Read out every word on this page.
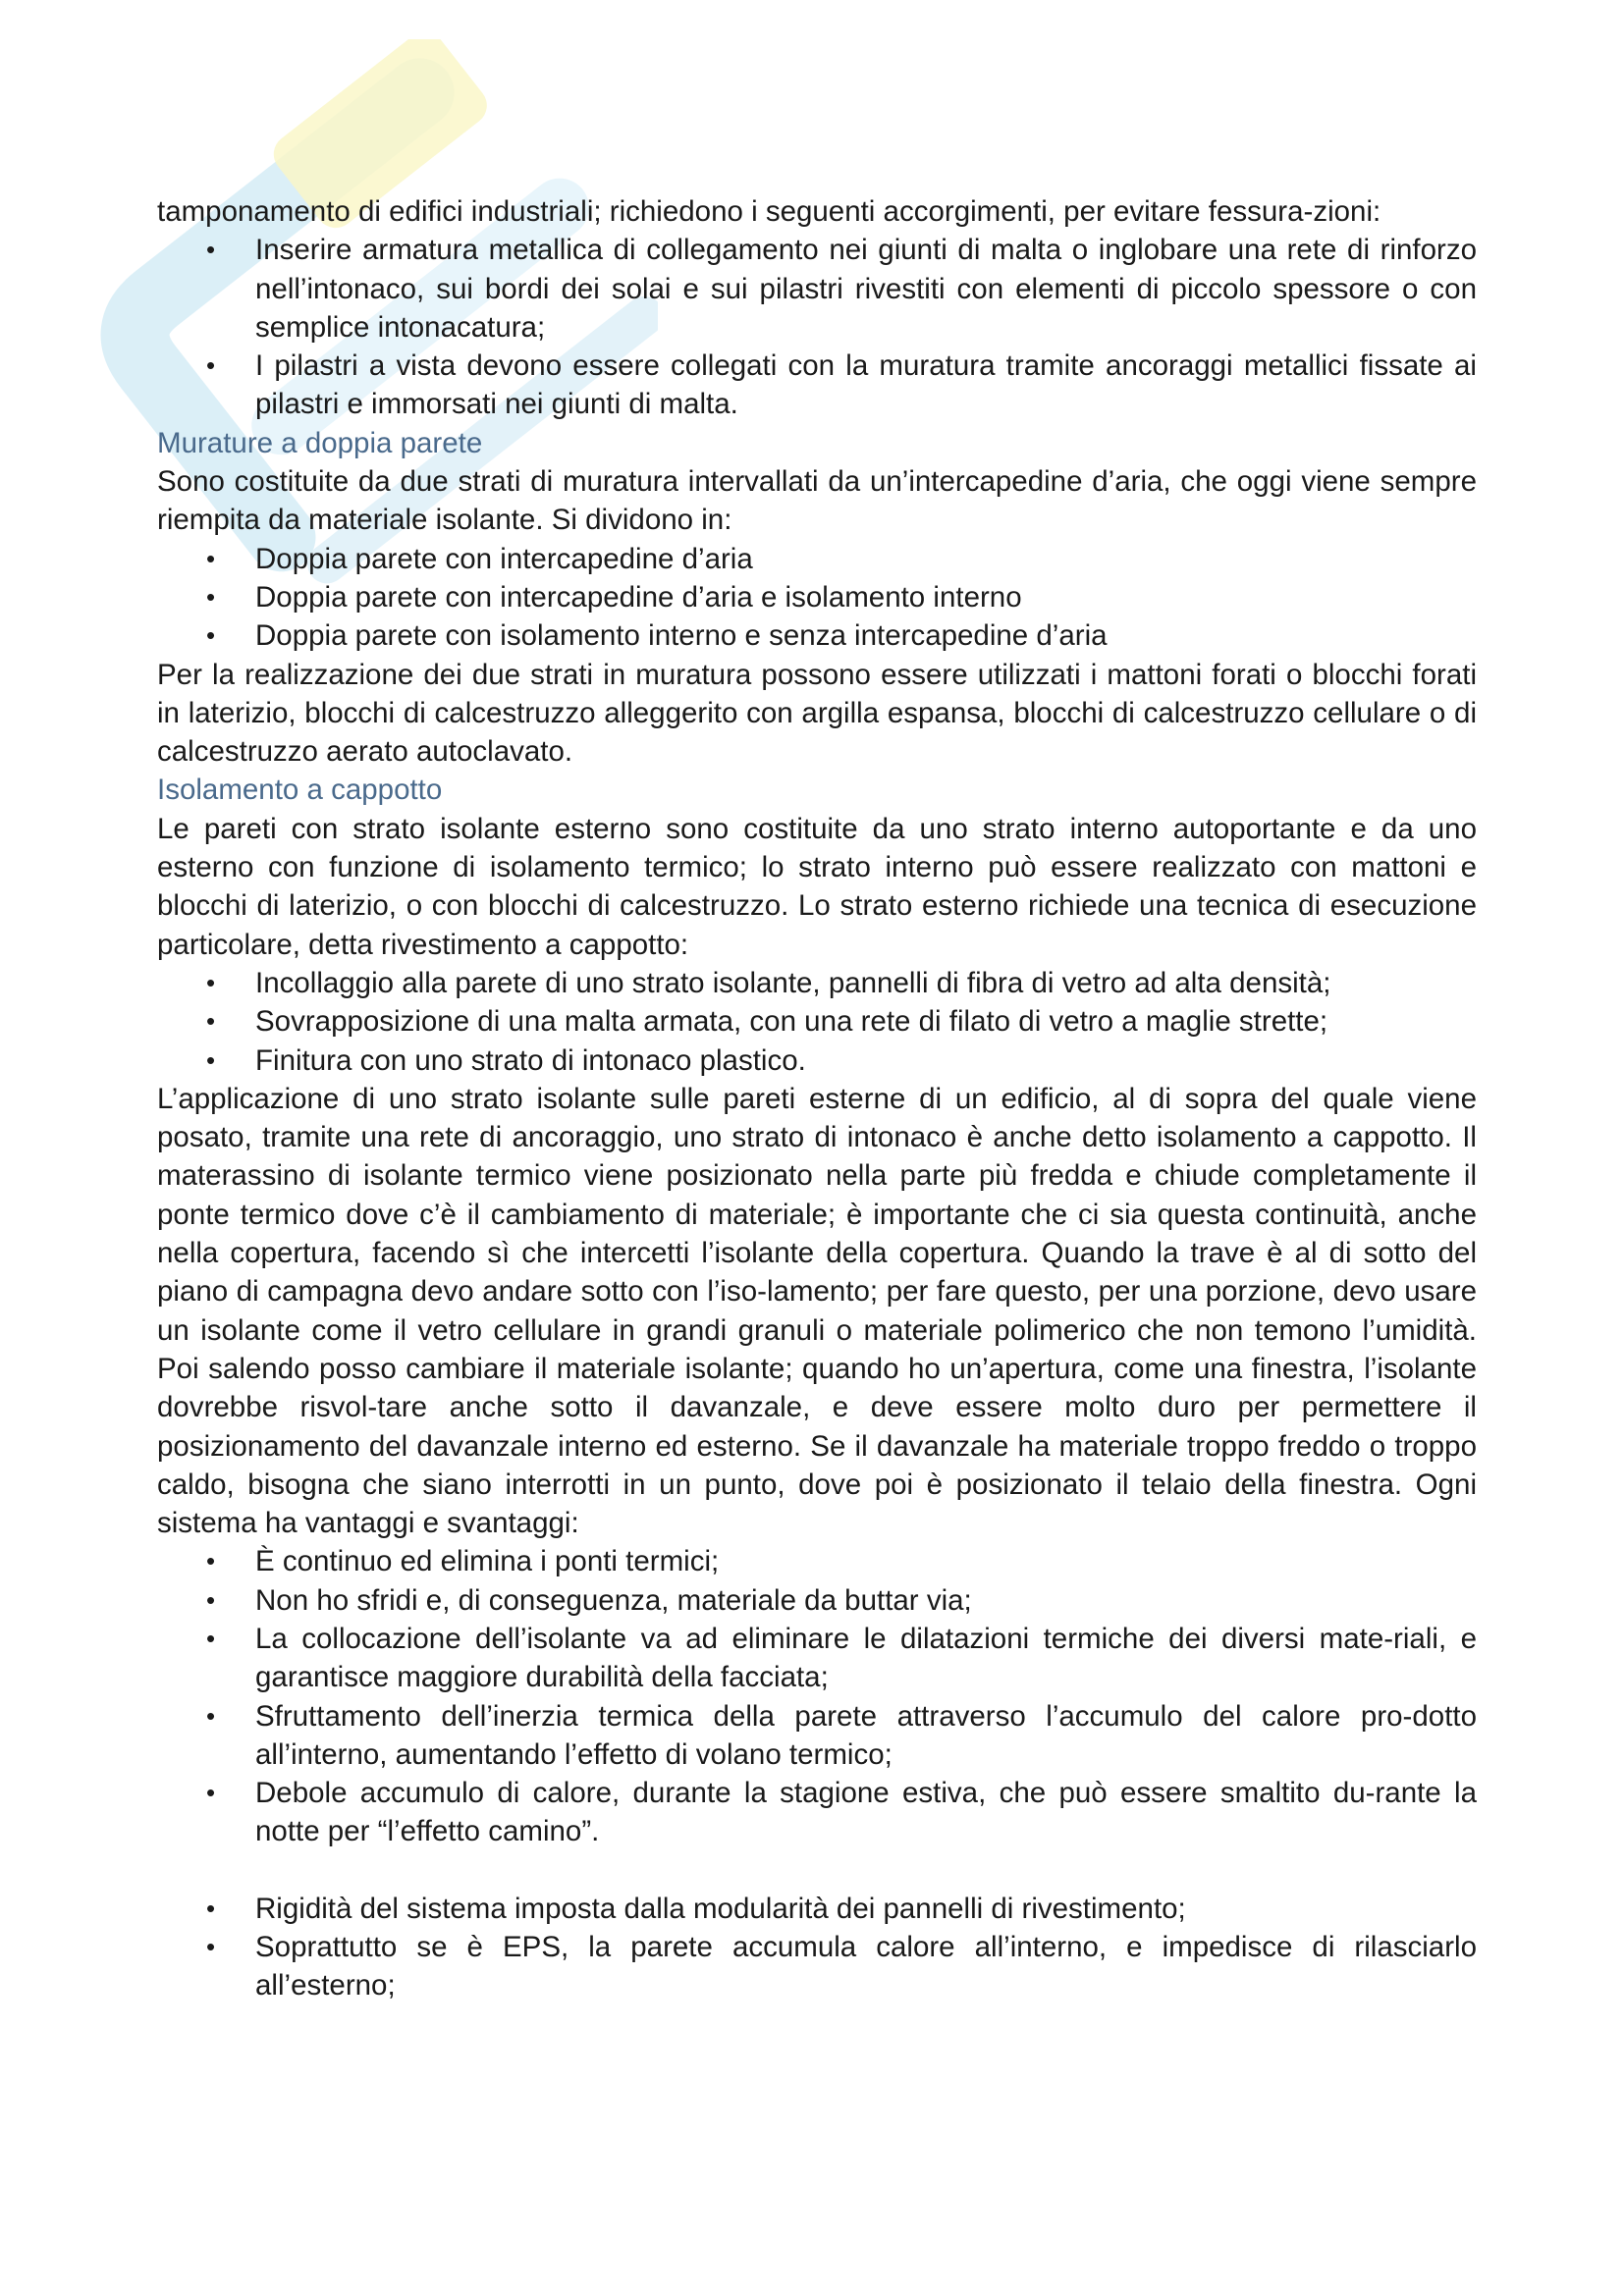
tamponamento di edifici industriali; richiedono i seguenti accorgimenti, per evitare fessura-zioni:

• Inserire armatura metallica di collegamento nei giunti di malta o inglobare una rete di rinforzo nell’intonaco, sui bordi dei solai e sui pilastri rivestiti con elementi di piccolo spessore o con semplice intonacatura;
• I pilastri a vista devono essere collegati con la muratura tramite ancoraggi metallici fissate ai pilastri e immorsati nei giunti di malta.
Murature a doppia parete

Sono costituite da due strati di muratura intervallati da un’intercapedine d’aria, che oggi viene sempre riempita da materiale isolante. Si dividono in:

• Doppia parete con intercapedine d’aria
• Doppia parete con intercapedine d’aria e isolamento interno
• Doppia parete con isolamento interno e senza intercapedine d’aria

Per la realizzazione dei due strati in muratura possono essere utilizzati i mattoni forati o blocchi forati in laterizio, blocchi di calcestruzzo alleggerito con argilla espansa, blocchi di calcestruzzo cellulare o di calcestruzzo aerato autoclavato.

Isolamento a cappotto

Le pareti con strato isolante esterno sono costituite da uno strato interno autoportante e da uno esterno con funzione di isolamento termico; lo strato interno può essere realizzato con mattoni e blocchi di laterizio, o con blocchi di calcestruzzo. Lo strato esterno richiede una tecnica di esecuzione particolare, detta rivestimento a cappotto:

• Incollaggio alla parete di uno strato isolante, pannelli di fibra di vetro ad alta densità;
• Sovrapposizione di una malta armata, con una rete di filato di vetro a maglie strette;
• Finitura con uno strato di intonaco plastico.

L’applicazione di uno strato isolante sulle pareti esterne di un edificio, al di sopra del quale viene posato, tramite una rete di ancoraggio, uno strato di intonaco è anche detto isolamento a cappotto. Il materassino di isolante termico viene posizionato nella parte più fredda e chiude completamente il ponte termico dove c’è il cambiamento di materiale; è importante che ci sia questa continuità, anche nella copertura, facendo sì che intercetti l’isolante della copertura. Quando la trave è al di sotto del piano di campagna devo andare sotto con l’iso-lamento; per fare questo, per una porzione, devo usare un isolante come il vetro cellulare in grandi granuli o materiale polimerico che non temono l’umidità. Poi salendo posso cambiare il materiale isolante; quando ho un’apertura, come una finestra, l’isolante dovrebbe risvol-tare anche sotto il davanzale, e deve essere molto duro per permettere il posizionamento del davanzale interno ed esterno. Se il davanzale ha materiale troppo freddo o troppo caldo, bisogna che siano interrotti in un punto, dove poi è posizionato il telaio della finestra. Ogni sistema ha vantaggi e svantaggi:

• È continuo ed elimina i ponti termici;
• Non ho sfridi e, di conseguenza, materiale da buttar via;
• La collocazione dell’isolante va ad eliminare le dilatazioni termiche dei diversi mate-riali, e garantisce maggiore durabilità della facciata;
• Sfruttamento dell’inerzia termica della parete attraverso l’accumulo del calore pro-dotto all’interno, aumentando l’effetto di volano termico;
• Debole accumulo di calore, durante la stagione estiva, che può essere smaltito du-rante la notte per “l’effetto camino”.
• Rigidità del sistema imposta dalla modularità dei pannelli di rivestimento;
• Soprattutto se è EPS, la parete accumula calore all’interno, e impedisce di rilasciarlo all’esterno;
